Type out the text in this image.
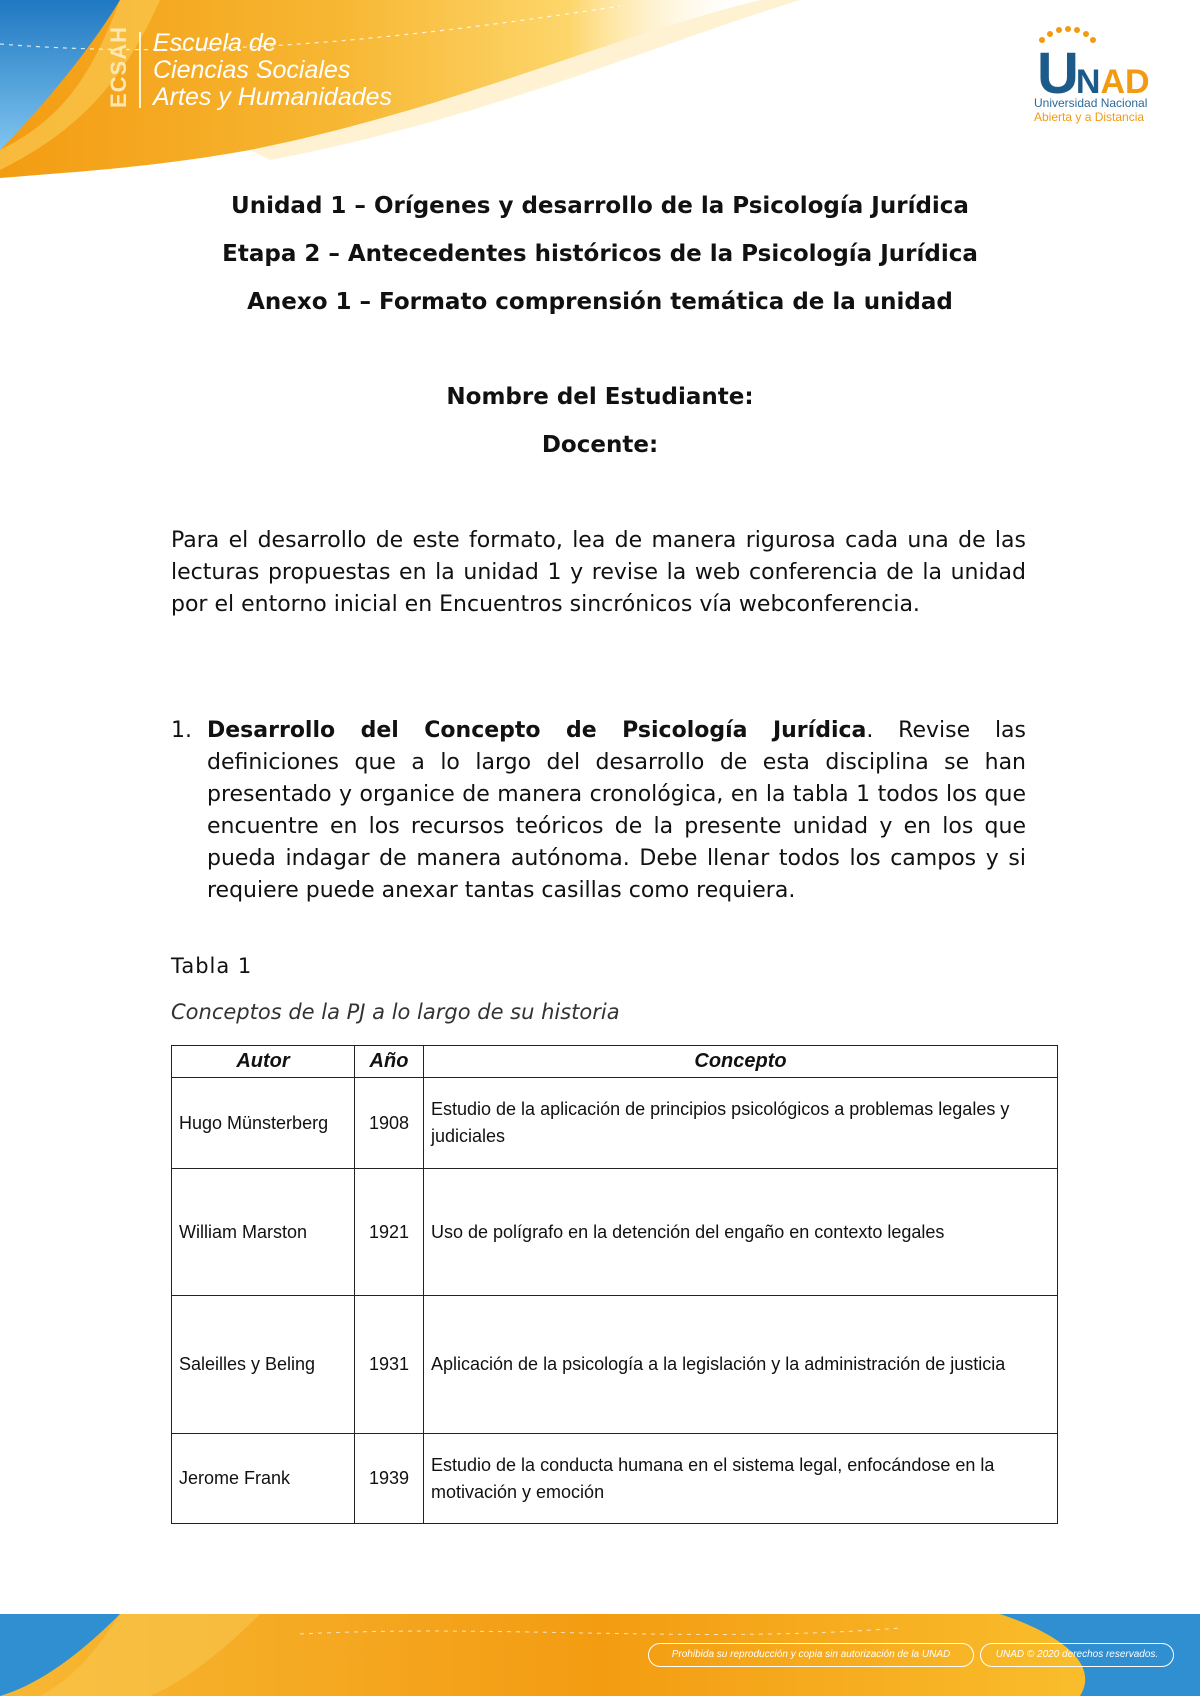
ECSAH Escuela de
Ciencias Sociales
Artes y Humanidades	UNAD
Universidad Nacional
Abierta y a Distancia
Unidad 1 – Orígenes y desarrollo de la Psicología Jurídica
Etapa 2 – Antecedentes históricos de la Psicología Jurídica
Anexo 1 – Formato comprensión temática de la unidad
Nombre del Estudiante:
Docente:
Para el desarrollo de este formato, lea de manera rigurosa cada una de las lecturas propuestas en la unidad 1 y revise la web conferencia de la unidad por el entorno inicial en Encuentros sincrónicos vía webconferencia.
1. Desarrollo del Concepto de Psicología Jurídica. Revise las definiciones que a lo largo del desarrollo de esta disciplina se han presentado y organice de manera cronológica, en la tabla 1 todos los que encuentre en los recursos teóricos de la presente unidad y en los que pueda indagar de manera autónoma. Debe llenar todos los campos y si requiere puede anexar tantas casillas como requiera.
Tabla 1
Conceptos de la PJ a lo largo de su historia
Autor	Año	Concepto
Hugo Münsterberg	1908	Estudio de la aplicación de principios psicológicos a problemas legales y judiciales
William Marston	1921	Uso de polígrafo en la detención del engaño en contexto legales
Saleilles y Beling	1931	Aplicación de la psicología a la legislación y la administración de justicia
Jerome Frank	1939	Estudio de la conducta humana en el sistema legal, enfocándose en la motivación y emoción
Prohibida su reproducción y copia sin autorización de la UNAD	UNAD © 2020 derechos reservados.
